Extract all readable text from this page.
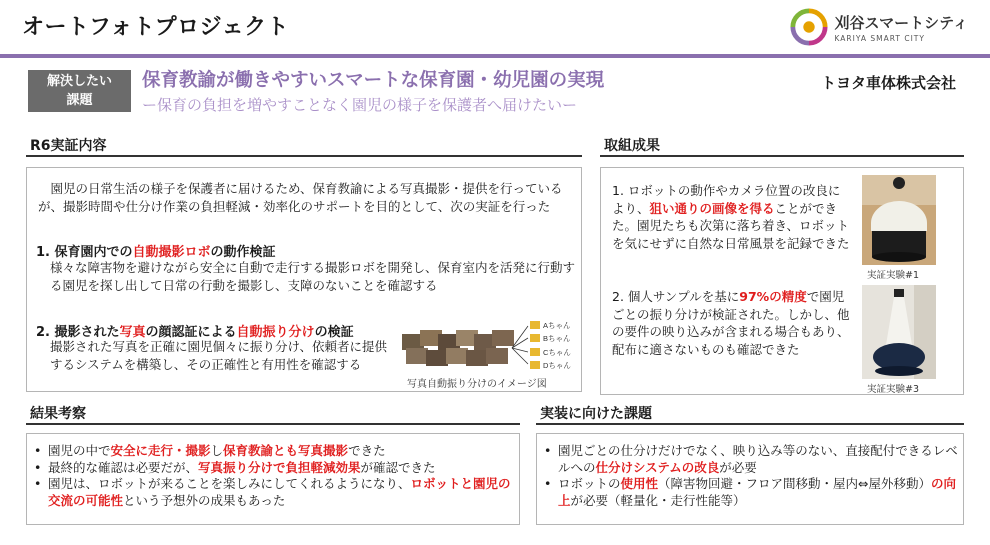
オートフォトプロジェクト	刈谷スマートシティ
KARIYA SMART CITY
解決したい
課題
保育教諭が働きやすいスマートな保育園・幼児園の実現
ー保育の負担を増やすことなく園児の様子を保護者へ届けたいー
トヨタ車体株式会社
R6実証内容
園児の日常生活の様子を保護者に届けるため、保育教諭による写真撮影・提供を行っているが、撮影時間や仕分け作業の負担軽減・効率化のサポートを目的として、次の実証を行った
1. 保育園内での自動撮影ロボの動作検証
様々な障害物を避けながら安全に自動で走行する撮影ロボを開発し、保育室内を活発に行動する園児を探し出して日常の行動を撮影し、支障のないことを確認する
2. 撮影された写真の顔認証による自動振り分けの検証
撮影された写真を正確に園児個々に振り分け、依頼者に提供するシステムを構築し、その正確性と有用性を確認する
Aちゃん
Bちゃん
Cちゃん
Dちゃん
写真自動振り分けのイメージ図
取組成果
1. ロボットの動作やカメラ位置の改良により、狙い通りの画像を得ることができた。園児たちも次第に落ち着き、ロボットを気にせずに自然な日常風景を記録できた
2. 個人サンプルを基に97%の精度で園児ごとの振り分けが検証された。しかし、他の要件の映り込みが含まれる場合もあり、配布に適さないものも確認できた
実証実験#1
実証実験#3
結果考察
• 園児の中で安全に走行・撮影し保育教諭とも写真撮影できた
• 最終的な確認は必要だが、写真振り分けで負担軽減効果が確認できた
• 園児は、ロボットが来ることを楽しみにしてくれるようになり、ロボットと園児の交流の可能性という予想外の成果もあった
実装に向けた課題
• 園児ごとの仕分けだけでなく、映り込み等のない、直接配付できるレベルへの仕分けシステムの改良が必要
• ロボットの使用性（障害物回避・フロア間移動・屋内⇔屋外移動）の向上が必要（軽量化・走行性能等）
